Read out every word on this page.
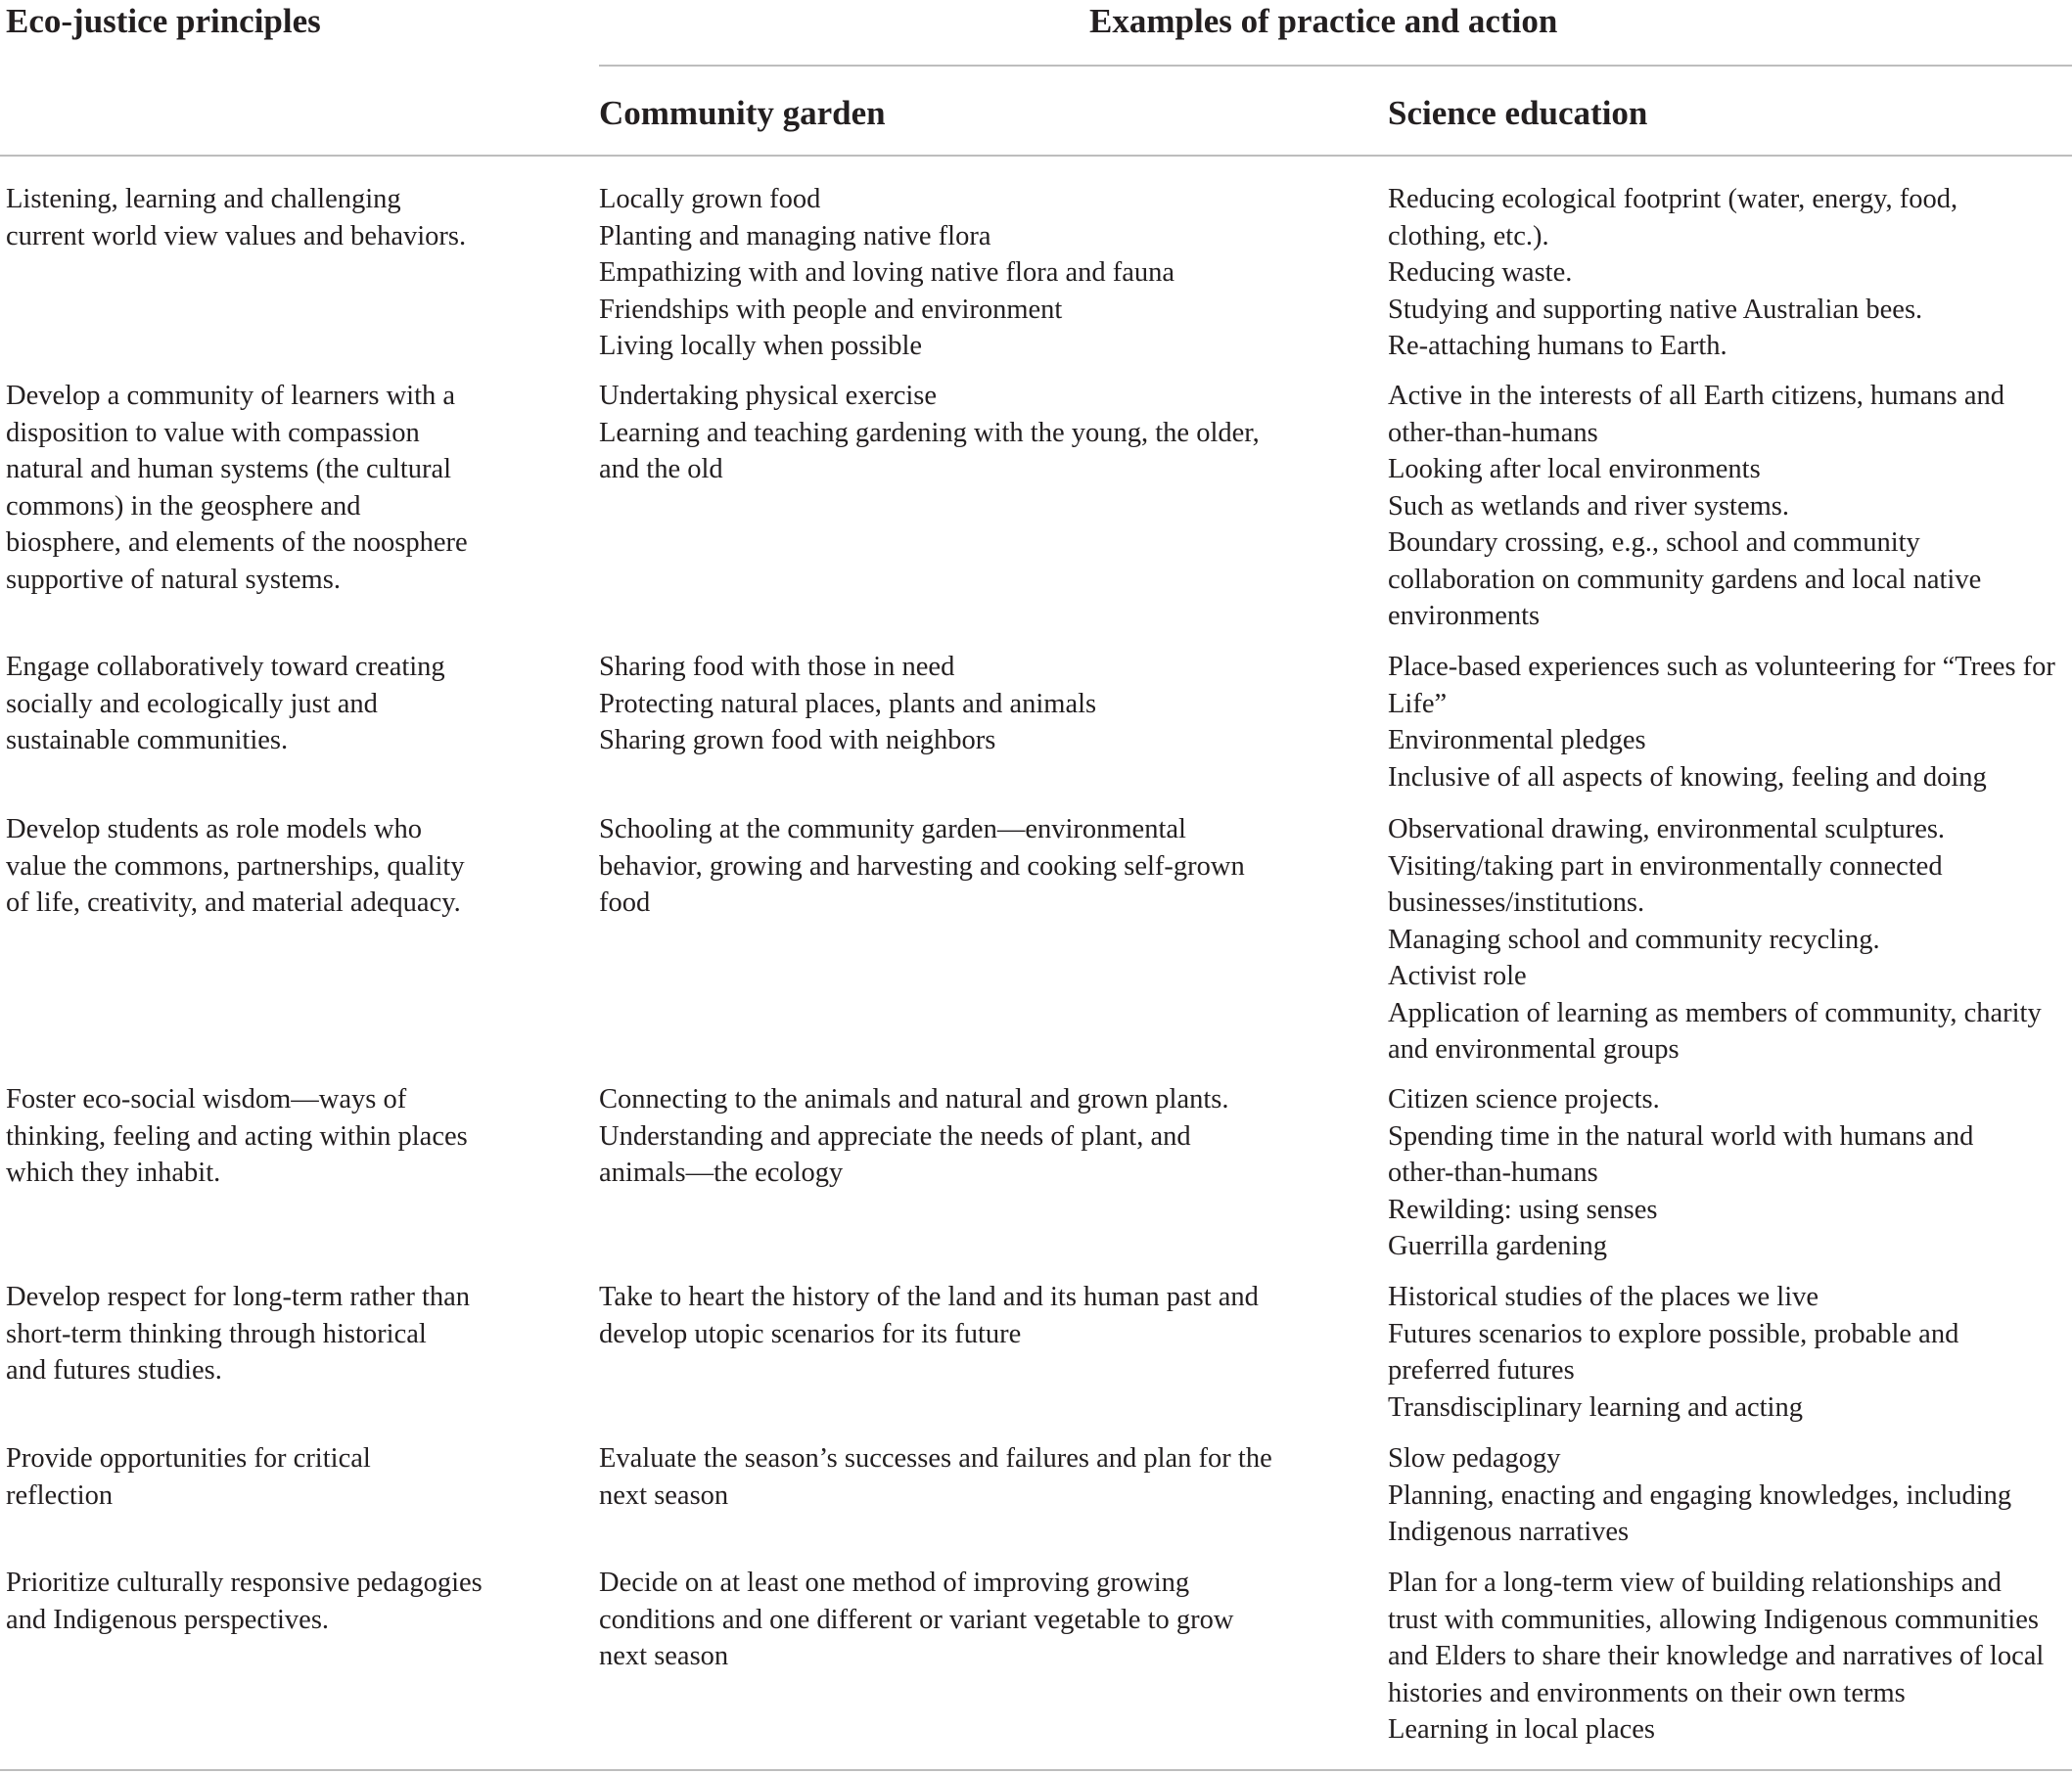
Eco-justice principles	Examples of practice and action
Community garden	Science education
Listening, learning and challenging
current world view values and behaviors.
Locally grown food
Planting and managing native flora
Empathizing with and loving native flora and fauna
Friendships with people and environment
Living locally when possible
Reducing ecological footprint (water, energy, food,
clothing, etc.).
Reducing waste.
Studying and supporting native Australian bees.
Re-attaching humans to Earth.
Develop a community of learners with a
disposition to value with compassion
natural and human systems (the cultural
commons) in the geosphere and
biosphere, and elements of the noosphere
supportive of natural systems.
Undertaking physical exercise
Learning and teaching gardening with the young, the older,
and the old
Active in the interests of all Earth citizens, humans and
other-than-humans
Looking after local environments
Such as wetlands and river systems.
Boundary crossing, e.g., school and community
collaboration on community gardens and local native
environments
Engage collaboratively toward creating
socially and ecologically just and
sustainable communities.
Sharing food with those in need
Protecting natural places, plants and animals
Sharing grown food with neighbors
Place-based experiences such as volunteering for “Trees for
Life”
Environmental pledges
Inclusive of all aspects of knowing, feeling and doing
Develop students as role models who
value the commons, partnerships, quality
of life, creativity, and material adequacy.
Schooling at the community garden—environmental
behavior, growing and harvesting and cooking self-grown
food
Observational drawing, environmental sculptures.
Visiting/taking part in environmentally connected
businesses/institutions.
Managing school and community recycling.
Activist role
Application of learning as members of community, charity
and environmental groups
Foster eco-social wisdom—ways of
thinking, feeling and acting within places
which they inhabit.
Connecting to the animals and natural and grown plants.
Understanding and appreciate the needs of plant, and
animals—the ecology
Citizen science projects.
Spending time in the natural world with humans and
other-than-humans
Rewilding: using senses
Guerrilla gardening
Develop respect for long-term rather than
short-term thinking through historical
and futures studies.
Take to heart the history of the land and its human past and
develop utopic scenarios for its future
Historical studies of the places we live
Futures scenarios to explore possible, probable and
preferred futures
Transdisciplinary learning and acting
Provide opportunities for critical
reflection
Evaluate the season’s successes and failures and plan for the
next season
Slow pedagogy
Planning, enacting and engaging knowledges, including
Indigenous narratives
Prioritize culturally responsive pedagogies
and Indigenous perspectives.
Decide on at least one method of improving growing
conditions and one different or variant vegetable to grow
next season
Plan for a long-term view of building relationships and
trust with communities, allowing Indigenous communities
and Elders to share their knowledge and narratives of local
histories and environments on their own terms
Learning in local places
